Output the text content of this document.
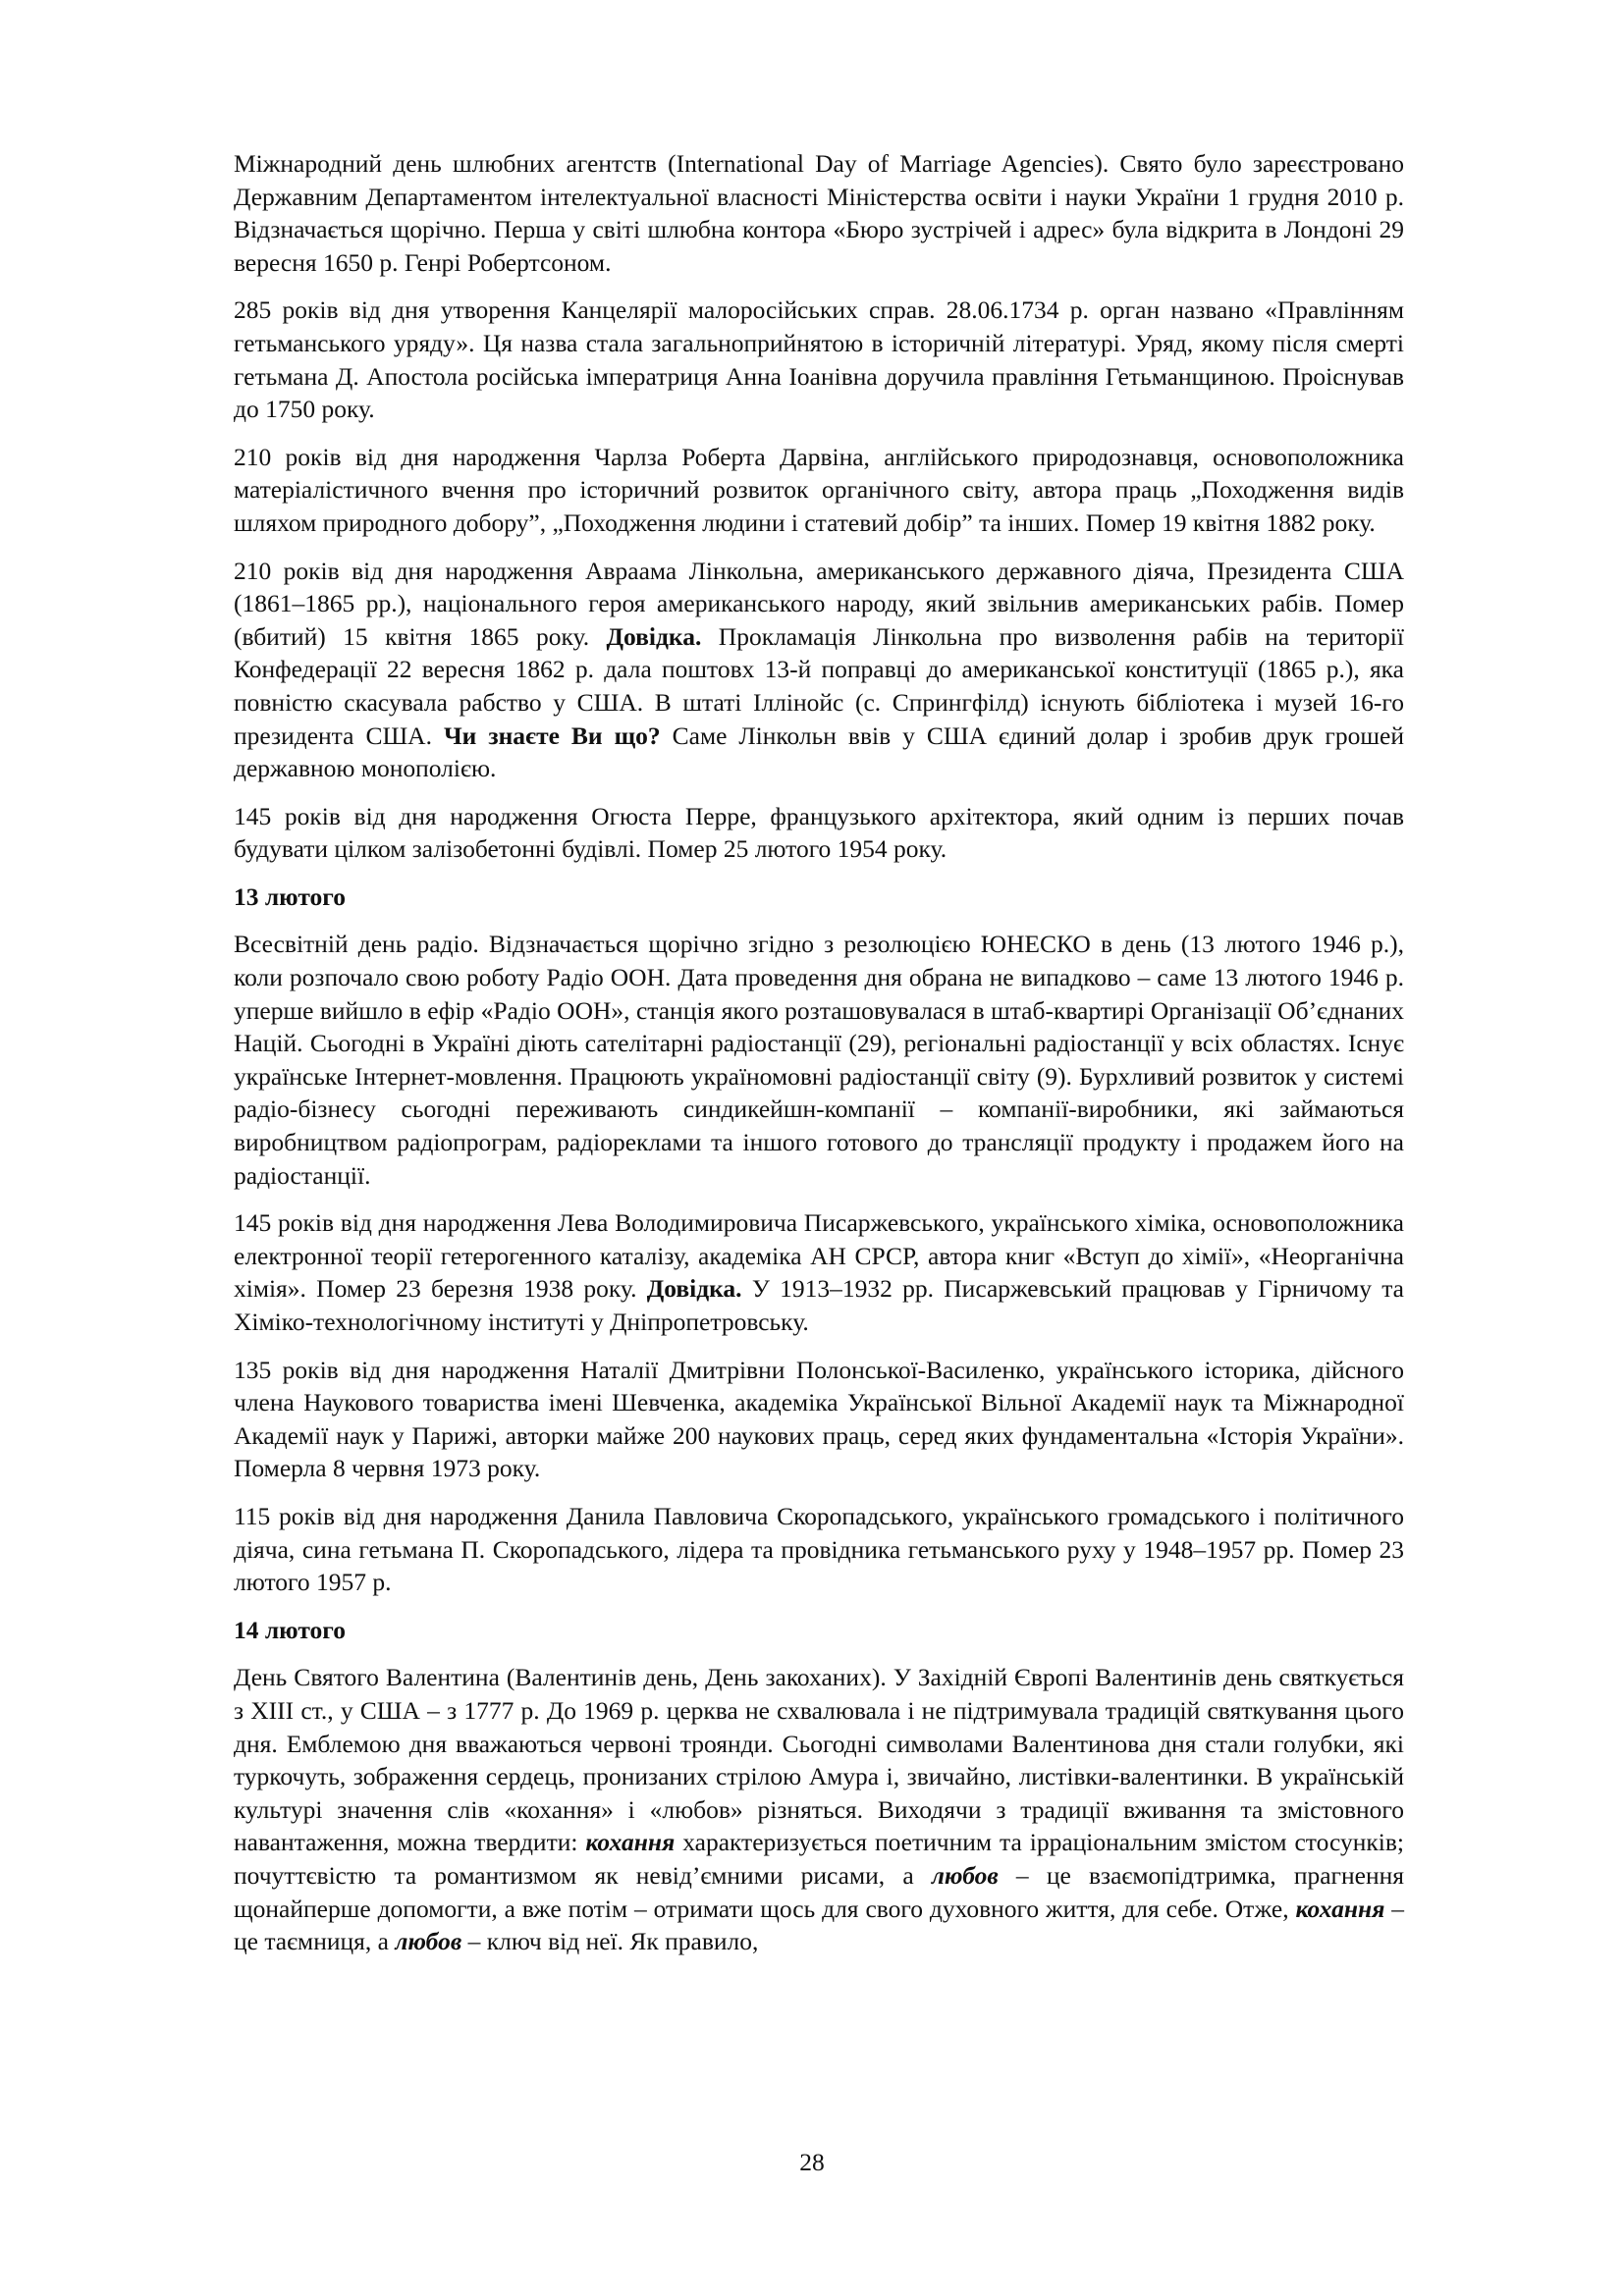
Міжнародний день шлюбних агентств (International Day of Marriage Agencies). Свято було зареєстровано Державним Департаментом інтелектуальної власності Міністерства освіти і науки України 1 грудня 2010 р. Відзначається щорічно. Перша у світі шлюбна контора «Бюро зустрічей і адрес» була відкрита в Лондоні 29 вересня 1650 р. Генрі Робертсоном.

285 років від дня утворення Канцелярії малоросійських справ. 28.06.1734 р. орган названо «Правлінням гетьманського уряду». Ця назва стала загальноприйнятою в історичній літературі. Уряд, якому після смерті гетьмана Д. Апостола російська імператриця Анна Іоанівна доручила правління Гетьманщиною. Проіснував до 1750 року.

210 років від дня народження Чарлза Роберта Дарвіна, англійського природознавця, основоположника матеріалістичного вчення про історичний розвиток органічного світу, автора праць „Походження видів шляхом природного добору”, „Походження людини і статевий добір” та інших. Помер 19 квітня 1882 року.

210 років від дня народження Авраама Лінкольна, американського державного діяча, Президента США (1861–1865 рр.), національного героя американського народу, який звільнив американських рабів. Помер (вбитий) 15 квітня 1865 року. Довідка. Прокламація Лінкольна про визволення рабів на території Конфедерації 22 вересня 1862 р. дала поштовх 13-й поправці до американської конституції (1865 р.), яка повністю скасувала рабство у США. В штаті Іллінойс (с. Спрингфілд) існують бібліотека і музей 16-го президента США. Чи знаєте Ви що? Саме Лінкольн ввів у США єдиний долар і зробив друк грошей державною монополією.

145 років від дня народження Огюста Перре, французького архітектора, який одним із перших почав будувати цілком залізобетонні будівлі. Помер 25 лютого 1954 року.

13 лютого

Всесвітній день радіо. Відзначається щорічно згідно з резолюцією ЮНЕСКО в день (13 лютого 1946 р.), коли розпочало свою роботу Радіо ООН. Дата проведення дня обрана не випадково – саме 13 лютого 1946 р. уперше вийшло в ефір «Радіо ООН», станція якого розташовувалася в штаб-квартирі Організації Об’єднаних Націй. Сьогодні в Україні діють сателітарні радіостанції (29), регіональні радіостанції у всіх областях. Існує українське Інтернет-мовлення. Працюють україномовні радіостанції світу (9). Бурхливий розвиток у системі радіо-бізнесу сьогодні переживають синдикейшн-компанії – компанії-виробники, які займаються виробництвом радіопрограм, радіореклами та іншого готового до трансляції продукту і продажем його на радіостанції.

145 років від дня народження Лева Володимировича Писаржевського, українського хіміка, основоположника електронної теорії гетерогенного каталізу, академіка АН СРСР, автора книг «Вступ до хімії», «Неорганічна хімія». Помер 23 березня 1938 року. Довідка. У 1913–1932 рр. Писаржевський працював у Гірничому та Хіміко-технологічному інституті у Дніпропетровську.

135 років від дня народження Наталії Дмитрівни Полонської-Василенко, українського історика, дійсного члена Наукового товариства імені Шевченка, академіка Української Вільної Академії наук та Міжнародної Академії наук у Парижі, авторки майже 200 наукових праць, серед яких фундаментальна «Історія України». Померла 8 червня 1973 року.

115 років від дня народження Данила Павловича Скоропадського, українського громадського і політичного діяча, сина гетьмана П. Скоропадського, лідера та провідника гетьманського руху у 1948–1957 рр. Помер 23 лютого 1957 р.

14 лютого

День Святого Валентина (Валентинів день, День закоханих). У Західній Європі Валентинів день святкується з XIII ст., у США – з 1777 р. До 1969 р. церква не схвалювала і не підтримувала традицій святкування цього дня. Емблемою дня вважаються червоні троянди. Сьогодні символами Валентинова дня стали голубки, які туркочуть, зображення сердець, пронизаних стрілою Амура і, звичайно, листівки-валентинки. В українській культурі значення слів «кохання» і «любов» різняться. Виходячи з традиції вживання та змістовного навантаження, можна твердити: кохання характеризується поетичним та ірраціональним змістом стосунків; почуттєвістю та романтизмом як невід’ємними рисами, а любов – це взаємопідтримка, прагнення щонайперше допомогти, а вже потім – отримати щось для свого духовного життя, для себе. Отже, кохання – це таємниця, а любов – ключ від неї. Як правило,

28
